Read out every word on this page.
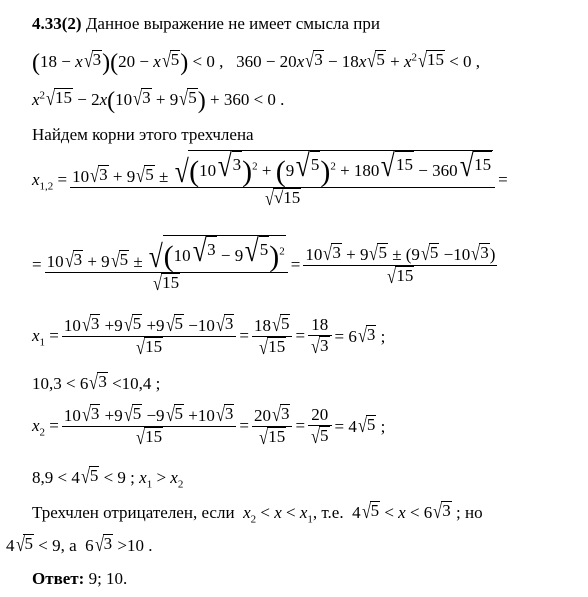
4.33(2) Данное выражение не имеет смысла при
(18 − x √ 3 )(20 − x √ 5 ) < 0 ,   360 − 20x √ 3 − 18x √ $5 + x^2$ √ 15 < 0 ,
$x^2$ √ 15 − 2x(10 √ 3 + 9 √ 5 ) + 360 < 0 .
Найдем корни этого трехчлена
$x_{1,2} = \frac{10 √ 3 + 9 √ 5 \pm √ (10 √ 3 )^2 + (9 √ 5 )^2 + 180 √ 15 - 360 √ 15}{√ √15}$ =
= $\frac{10 √ 3 + 9 √ 5 \pm √ (10 √ 3 - 9 √ 5 )^2}{√ 15} = \frac{10 √ 3 + 9 √ 5 \pm (9 √ 5 -10 √ 3 )}{√ 15}$
$x_1 = \frac{10 √ 3 +9 √ 5 +9 √ 5 -10 √ 3}{√ 15} = \frac{18 √ 5}{√ 15} = \frac{18}{√ 3} = 6$ √ 3 ;
10,3 < 6 √ 3 <10,4 ;
$x_2 = \frac{10 √ 3 +9 √ 5 -9 √ 5 +10 √ 3}{√ 15} = \frac{20 √ 3}{√ 15} = \frac{20}{√ 5} = 4$ √ 5 ;
8,9 < 4 √ 5 < 9 ; $x_1 > x_2$
Трехчлен отрицателен, если $x_2 < x < x_1$, т.е.  4 √ 5 < x < 6 √ 3 ; но
4 √ 5 < 9, а  6 √ 3 >10 .
Ответ: 9; 10.
